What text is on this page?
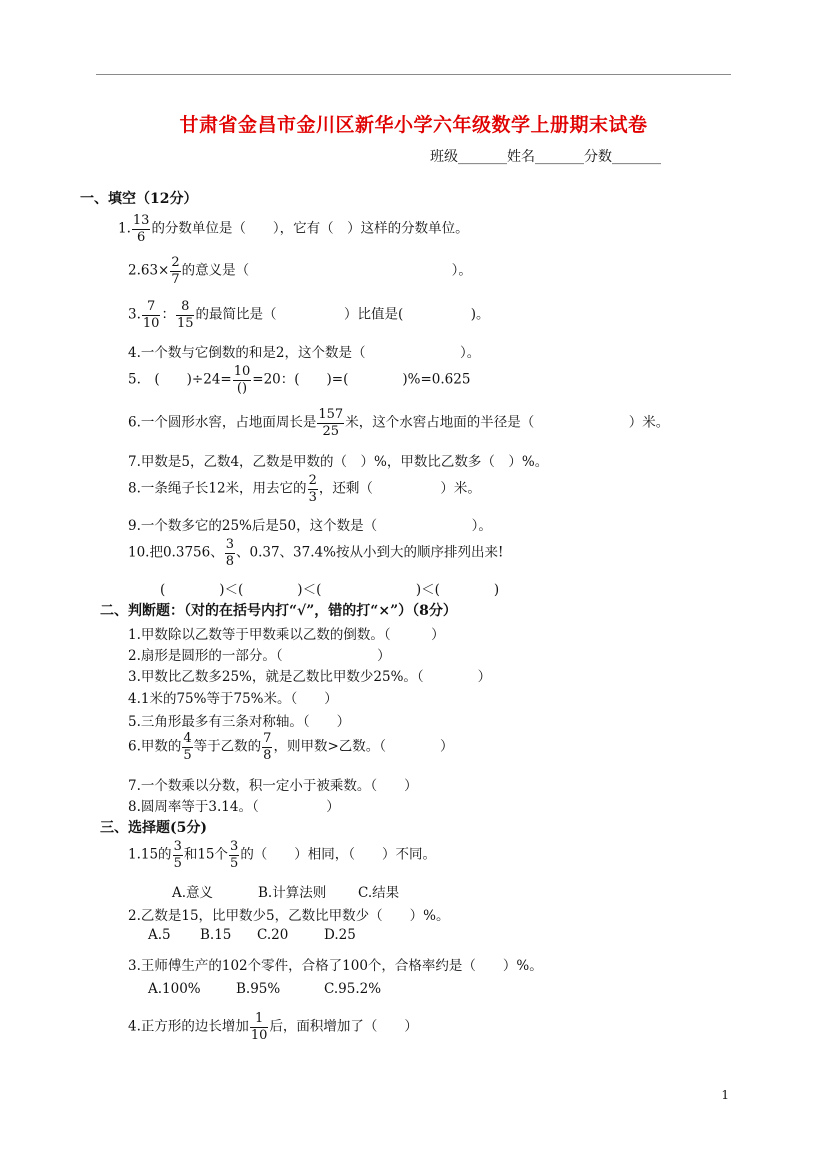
甘肃省金昌市金川区新华小学六年级数学上册期末试卷
班级_______姓名_______分数_______
一、填空（12分）
1. $\frac{13}{6}$ 的分数单位是（　　），它有（　）这样的分数单位。
$2.63\times \frac{2}{7}$ 的意义是（　　　　　　　　　　　　　　　）。
3. $\frac{7}{10}$ ： $\frac{8}{15}$ 的最简比是（　　　　　）比值是(　　　　　)。
4.一个数与它倒数的和是2，这个数是（　　　　　　　）。
5.　(　　)$\div 24= \frac{10}{()} =20$：(　　)=(　　　　)%=0.625
6.一个圆形水窖，占地面周长是 $\frac{157}{25}$ 米，这个水窖占地面的半径是（　　　　　　　）米。
7.甲数是5，乙数4，乙数是甲数的（　）%，甲数比乙数多（　）%。
8.一条绳子长12米，用去它的 $\frac{2}{3}$ ，还剩（　　　　　）米。
9.一个数多它的25%后是50，这个数是（　　　　　　　）。
10.把0.3756、 $\frac{3}{8}$ 、0.37、37.4%按从小到大的顺序排列出来!
(　　　　)＜(　　　　)＜(　　　　　　　)＜(　　　　)
二、判断题：（对的在括号内打“√”，错的打“×”）（8分）
1.甲数除以乙数等于甲数乘以乙数的倒数。（　　　）
2.扇形是圆形的一部分。（　　　　　　　）
3.甲数比乙数多25%，就是乙数比甲数少25%。（　　　　）
4.1米的75%等于75%米。（　　）
5.三角形最多有三条对称轴。（　　）
6.甲数的 $\frac{4}{5}$ 等于乙数的 $\frac{7}{8}$ ，则甲数>乙数。（　　　　）
7.一个数乘以分数，积一定小于被乘数。（　　）
8.圆周率等于3.14。（　　　　　）
三、选择题(5分)
1.15的 $\frac{3}{5}$ 和15个 $\frac{3}{5}$ 的（　　）相同，（　　）不同。
A.意义	B.计算法则 C.结果
2.乙数是15，比甲数少5，乙数比甲数少（　　）%。
A.5 B.15 C.20	D.25
3.王师傅生产的102个零件，合格了100个，合格率约是（　　）%。
A.100%	B.95%	C.95.2%
4.正方形的边长增加 $\frac{1}{10}$ 后，面积增加了（　　）
1
